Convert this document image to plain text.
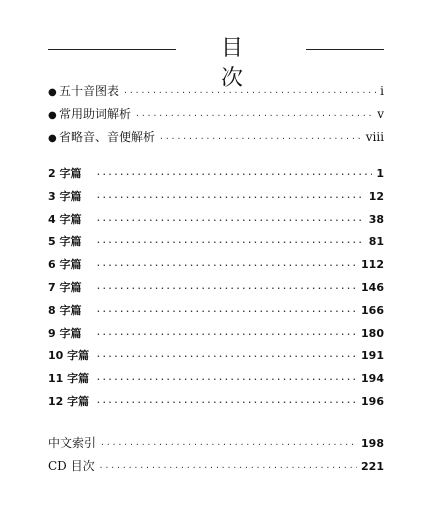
目　次
● 五十音图表 ·····	i
● 常用助词解析 ·····	v
● 省略音、音便解析 ·····	ⅷ
2 字篇 ·····	1
3 字篇 ·····	12
4 字篇 ·····	38
5 字篇 ·····	81
6 字篇 ·····	112
7 字篇 ·····	146
8 字篇 ·····	166
9 字篇 ·····	180
10 字篇 ·····	191
11 字篇 ·····	194
12 字篇 ·····	196
中文索引 ·····	198
CD 目次 ·····	221
